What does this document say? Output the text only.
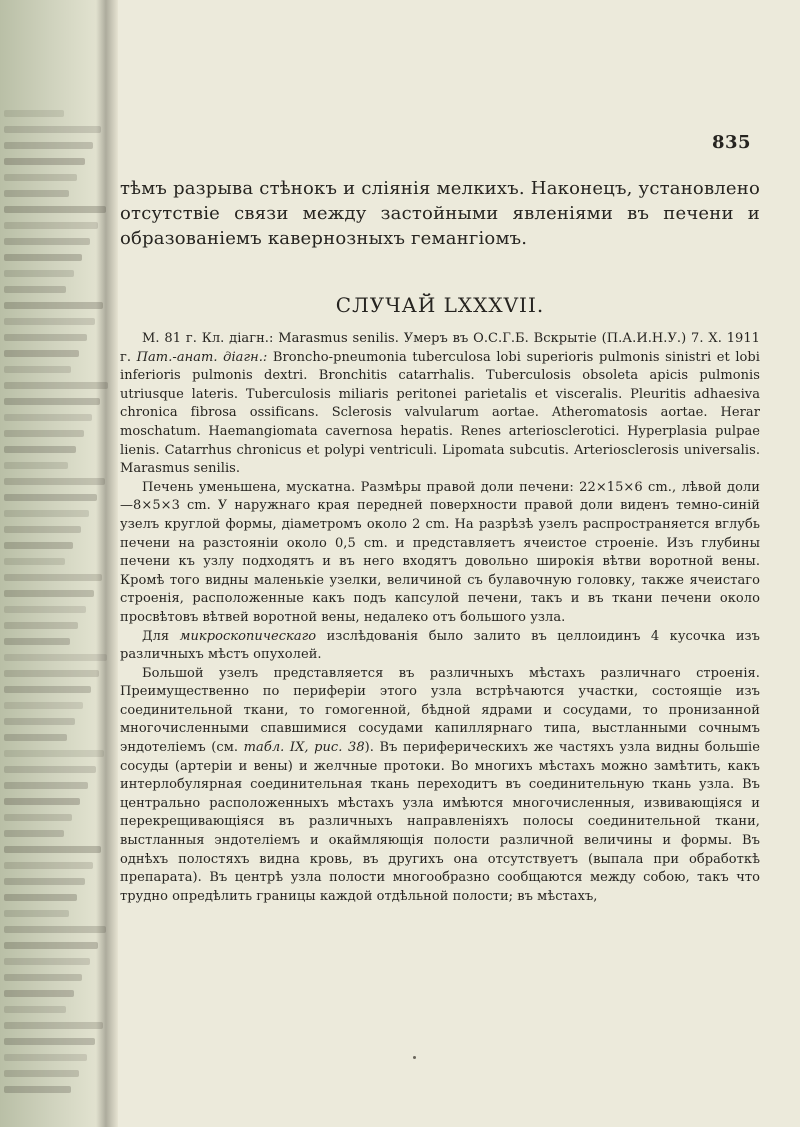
835
тѣмъ разрыва стѣнокъ и сліянія мелкихъ. Наконецъ, установлено отсутствіе связи между застойными явленіями въ печени и образованіемъ кавернозныхъ гемангіомъ.
СЛУЧАЙ LXXXVII.

М. 81 г. Кл. діагн.: Marasmus senilis. Умеръ въ О.С.Г.Б. Вскрытіе (П.А.И.Н.У.) 7. X. 1911 г. Пат.-анат. діагн.: Bronchо-pneumonia tuberculosa lobi superioris pulmonis sinistri et lobi inferioris pulmonis dextri. Bronchitis catarrhalis. Tuberculosis obsoleta apicis pulmonis utriusque lateris. Tuberculosis miliaris peritonei parietalis et visceralis. Pleuritis adhaesiva chronica fibrosa ossificans. Sclerosis valvularum aortae. Atheromatosis aortae. Herar moschatum. Haemangiomata cavernosa hepatis. Renes arteriosclerotici. Hyperplasia pulpae lienis. Catarrhus chronicus et polypi ventriculi. Lipomata subcutis. Arteriosclerosis universalis. Marasmus senilis.

Печень уменьшена, мускатна. Размѣры правой доли печени: 22×15×6 cm., лѣвой доли—8×5×3 cm. У наружнаго края передней поверхности правой доли виденъ темно-синій узелъ круглой формы, діаметромъ около 2 cm. На разрѣзѣ узелъ распространяется вглубь печени на разстояніи около 0,5 cm. и представляетъ ячеистое строеніе. Изъ глубины печени къ узлу подходятъ и въ него входятъ довольно широкія вѣтви воротной вены. Кромѣ того видны маленькіе узелки, величиной съ булавочную головку, также ячеистаго строенія, расположенные какъ подъ капсулой печени, такъ и въ ткани печени около просвѣтовъ вѣтвей воротной вены, недалеко отъ большого узла.

Для микроскопическаго изслѣдованія было залито въ целлоидинъ 4 кусочка изъ различныхъ мѣстъ опухолей.

Большой узелъ представляется въ различныхъ мѣстахъ различнаго строенія. Преимущественно по периферіи этого узла встрѣчаются участки, состоящіе изъ соединительной ткани, то гомогенной, бѣдной ядрами и сосудами, то пронизанной многочисленными спавшимися сосудами капиллярнаго типа, выстланными сочнымъ эндотеліемъ (см. табл. IX, рис. 38). Въ периферическихъ же частяхъ узла видны большіе сосуды (артеріи и вены) и желчные протоки. Во многихъ мѣстахъ можно замѣтить, какъ интерлобулярная соединительная ткань переходитъ въ соединительную ткань узла. Въ центрально расположенныхъ мѣстахъ узла имѣются многочисленныя, извивающіяся и перекрещивающіяся въ различныхъ направленіяхъ полосы соединительной ткани, выстланныя эндотеліемъ и окаймляющія полости различной величины и формы. Въ однѣхъ полостяхъ видна кровь, въ другихъ она отсутствуетъ (выпала при обработкѣ препарата). Въ центрѣ узла полости многообразно сообщаются между собою, такъ что трудно опредѣлить границы каждой отдѣльной полости; въ мѣстахъ,
